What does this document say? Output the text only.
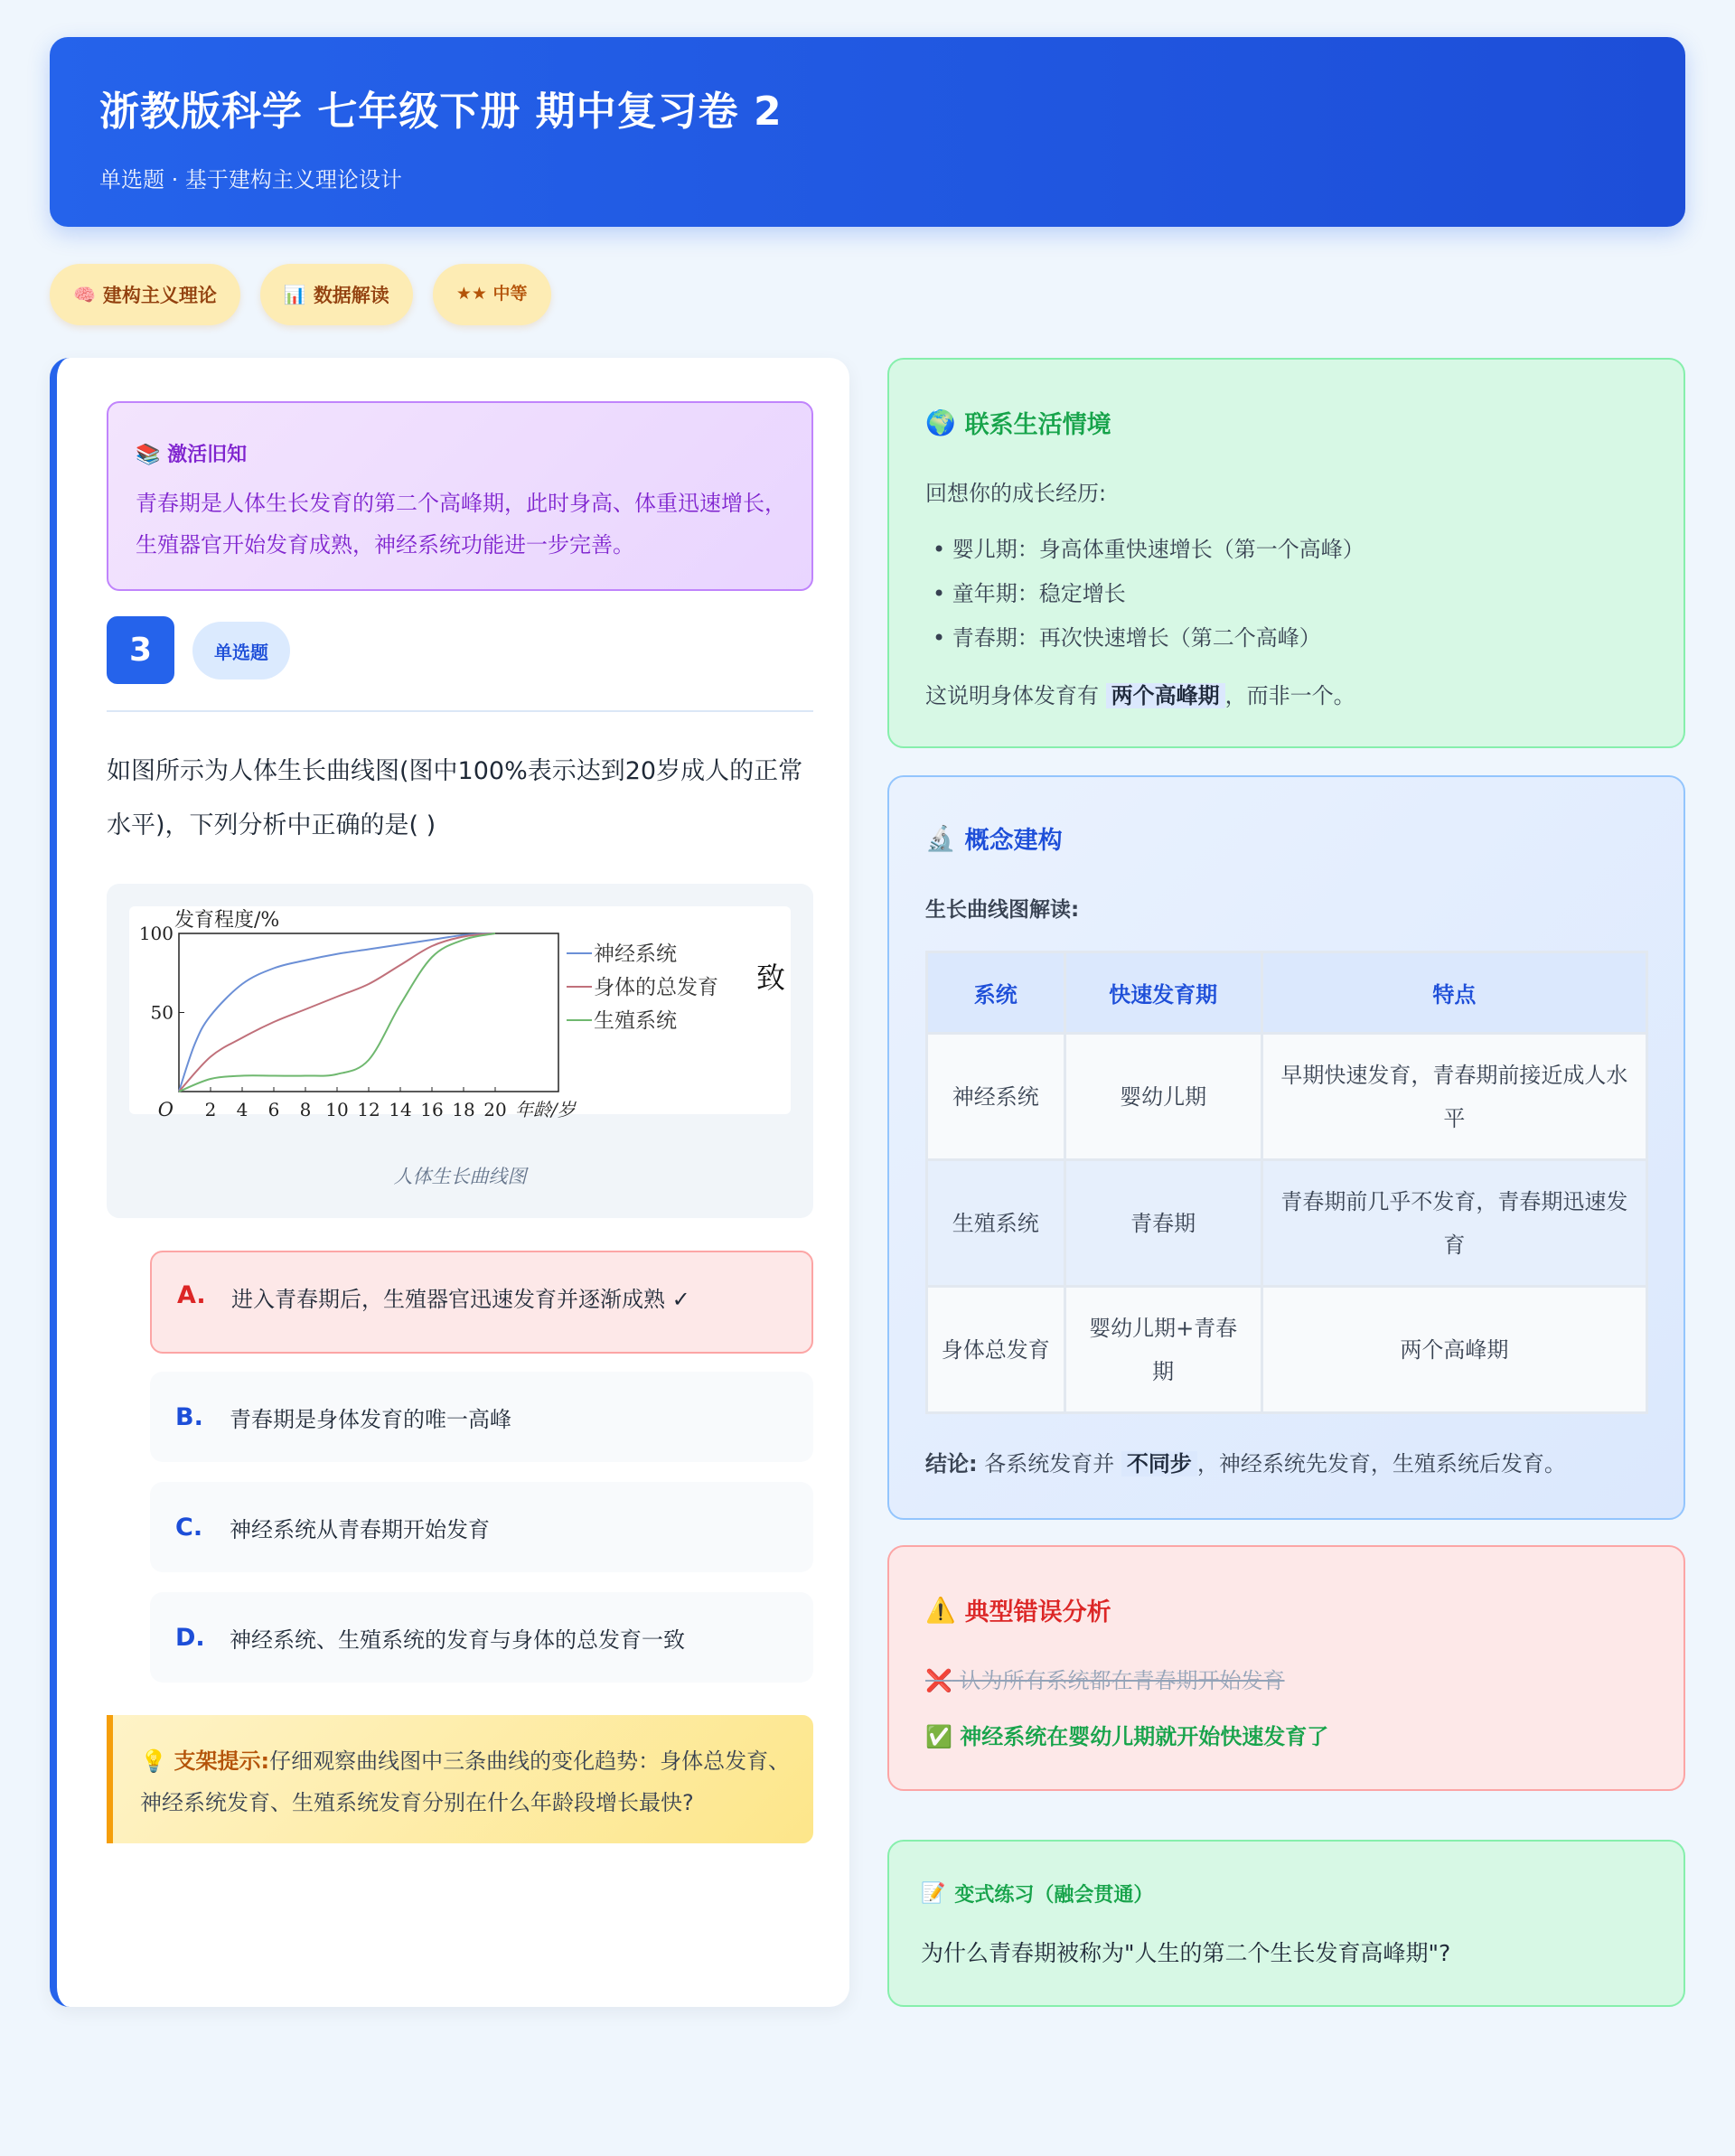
浙教版科学 七年级下册 期中复习卷 2
单选题 · 基于建构主义理论设计
🧠 建构主义理论	📊 数据解读	★★ 中等
📚 激活旧知
青春期是人体生长发育的第二个高峰期，此时身高、体重迅速增长，生殖器官开始发育成熟，神经系统功能进一步完善。
3	单选题
如图所示为人体生长曲线图(图中100%表示达到20岁成人的正常水平)，下列分析中正确的是( )
发育程度/%
O 2 4 6 8 10 12 14 16 18 20 年龄/岁
50
100
神经系统
身体的总发育
生殖系统
致
人体生长曲线图
A.	进入青春期后，生殖器官迅速发育并逐渐成熟 ✓
B.	青春期是身体发育的唯一高峰
C.	神经系统从青春期开始发育
D.	神经系统、生殖系统的发育与身体的总发育一致
💡 支架提示:仔细观察曲线图中三条曲线的变化趋势：身体总发育、神经系统发育、生殖系统发育分别在什么年龄段增长最快?
🌍 联系生活情境
回想你的成长经历:
• 婴儿期：身高体重快速增长（第一个高峰）
• 童年期：稳定增长
• 青春期：再次快速增长（第二个高峰）
这说明身体发育有 两个高峰期 ，而非一个。
🔬 概念建构
生长曲线图解读:
系统	快速发育期	特点
神经系统	婴幼儿期	早期快速发育，青春期前接近成人水平
生殖系统	青春期	青春期前几乎不发育，青春期迅速发育
身体总发育	婴幼儿期+青春期	两个高峰期
结论: 各系统发育并 不同步 ，神经系统先发育，生殖系统后发育。
⚠️ 典型错误分析
❌ 认为所有系统都在青春期开始发育
✅ 神经系统在婴幼儿期就开始快速发育了
📝 变式练习（融会贯通）
为什么青春期被称为"人生的第二个生长发育高峰期"?
